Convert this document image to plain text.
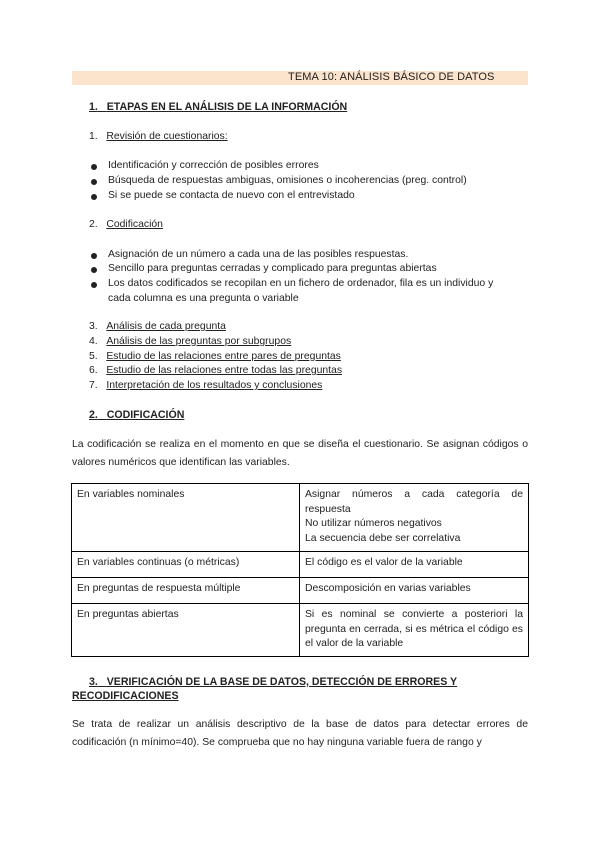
TEMA 10: ANÁLISIS BÁSICO DE DATOS
1. ETAPAS EN EL ANÁLISIS DE LA INFORMACIÓN
1. Revisión de cuestionarios:
Identificación y corrección de posibles errores
Búsqueda de respuestas ambiguas, omisiones o incoherencias (preg. control)
Si se puede se contacta de nuevo con el entrevistado
2. Codificación
Asignación de un número a cada una de las posibles respuestas.
Sencillo para preguntas cerradas y complicado para preguntas abiertas
Los datos codificados se recopilan en un fichero de ordenador, fila es un individuo y
cada columna es una pregunta o variable
3. Análisis de cada pregunta
4. Análisis de las preguntas por subgrupos
5. Estudio de las relaciones entre pares de preguntas
6. Estudio de las relaciones entre todas las preguntas
7. Interpretación de los resultados y conclusiones
2. CODIFICACIÓN
La codificación se realiza en el momento en que se diseña el cuestionario. Se asignan códigos o valores numéricos que identifican las variables.
En variables nominales	Asignar números a cada categoría de respuesta
No utilizar números negativos
La secuencia debe ser correlativa

En variables continuas (o métricas)	El código es el valor de la variable
En preguntas de respuesta múltiple	Descomposición en varias variables
En preguntas abiertas	Si es nominal se convierte a posteriori la pregunta en cerrada, si es métrica el código es el valor de la variable
3. VERIFICACIÓN DE LA BASE DE DATOS, DETECCIÓN DE ERRORES Y
RECODIFICACIONES
Se trata de realizar un análisis descriptivo de la base de datos para detectar errores de codificación (n mínimo=40). Se comprueba que no hay ninguna variable fuera de rango y
